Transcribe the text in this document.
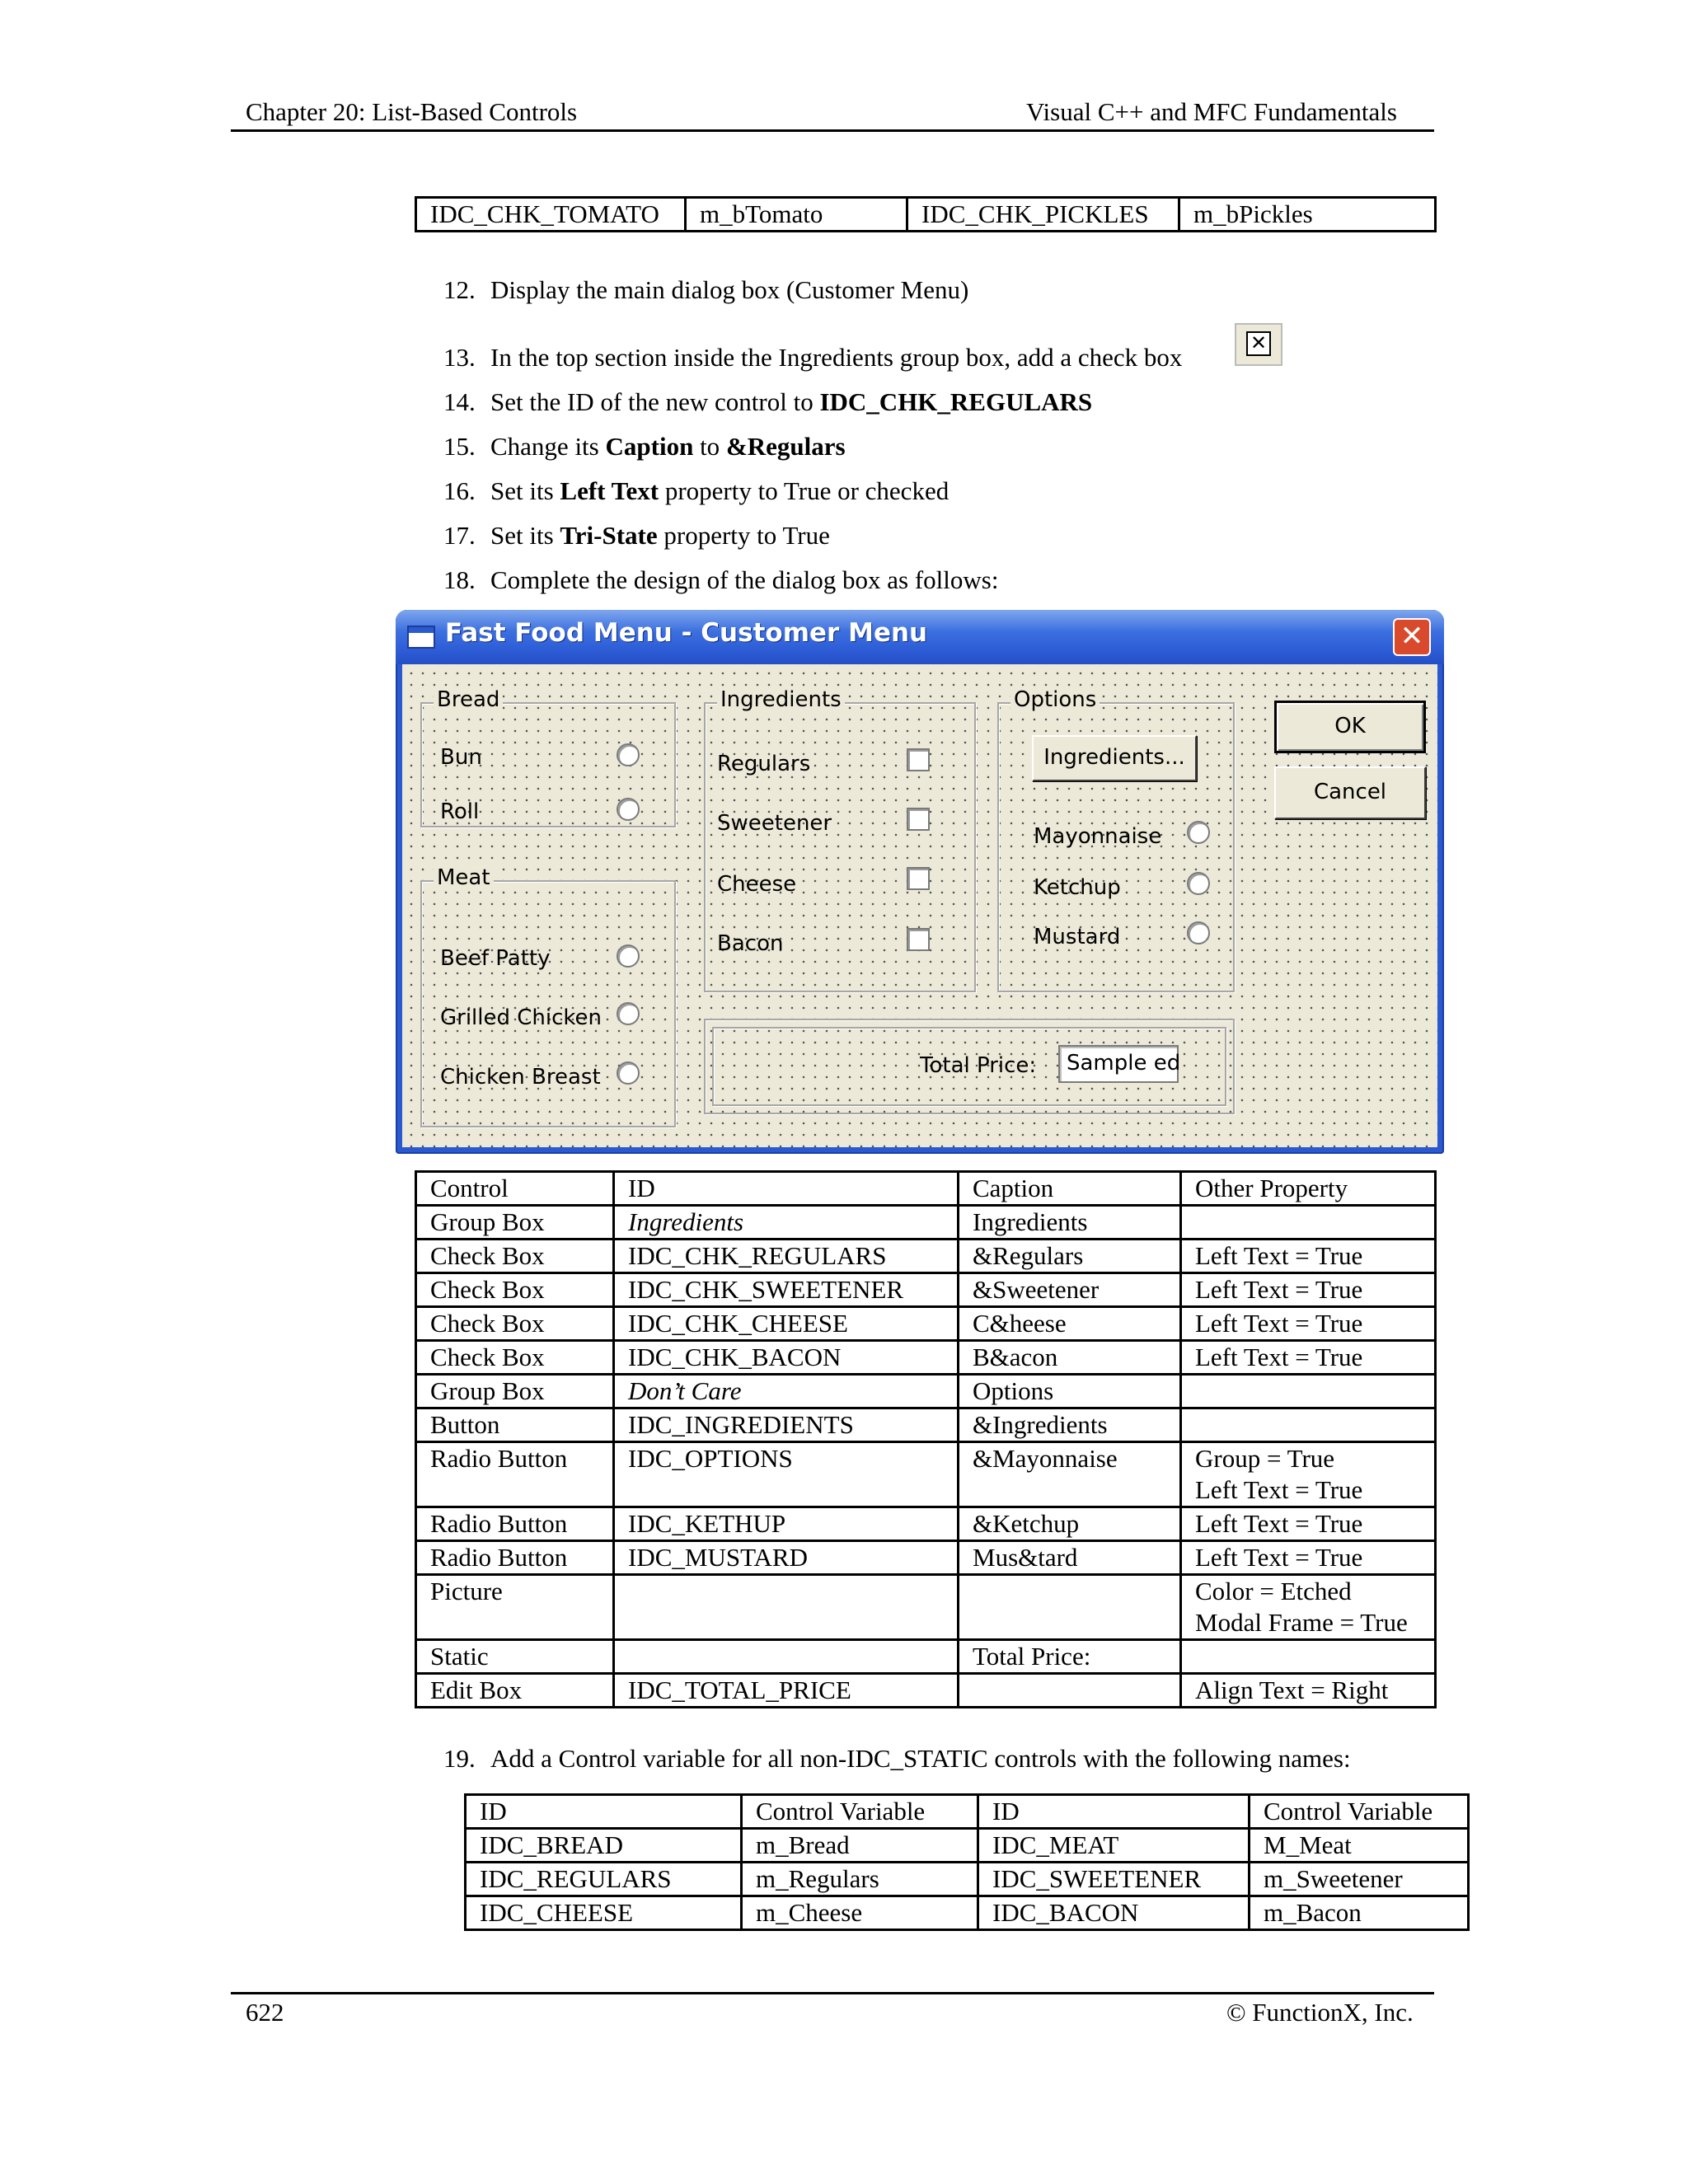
Chapter 20: List-Based Controls	Visual C++ and MFC Fundamentals
IDC_CHK_TOMATO	m_bTomato	IDC_CHK_PICKLES	m_bPickles
12. Display the main dialog box (Customer Menu)
13. In the top section inside the Ingredients group box, add a check box	✕
14. Set the ID of the new control to IDC_CHK_REGULARS
15. Change its Caption to &Regulars
16. Set its Left Text property to True or checked
17. Set its Tri-State property to True
18. Complete the design of the dialog box as follows:
Fast Food Menu - Customer Menu	✕
Bread
Bun
Roll
Meat
Beef Patty
Grilled Chicken
Chicken Breast
Ingredients
Regulars
Sweetener
Cheese
Bacon
Options
Ingredients...
Mayonnaise
Ketchup
Mustard
OK
Cancel
Total Price:	Sample ed
Control	ID	Caption	Other Property
Group Box	Ingredients	Ingredients	
Check Box	IDC_CHK_REGULARS	&Regulars	Left Text = True
Check Box	IDC_CHK_SWEETENER	&Sweetener	Left Text = True
Check Box	IDC_CHK_CHEESE	C&heese	Left Text = True
Check Box	IDC_CHK_BACON	B&acon	Left Text = True
Group Box	Don’t Care	Options	
Button	IDC_INGREDIENTS	&Ingredients	
Radio Button	IDC_OPTIONS	&Mayonnaise	Group = True
Left Text = True

Radio Button	IDC_KETHUP	&Ketchup	Left Text = True
Radio Button	IDC_MUSTARD	Mus&tard	Left Text = True
Picture			Color = Etched
Modal Frame = True

Static		Total Price:	
Edit Box	IDC_TOTAL_PRICE		Align Text = Right
19. Add a Control variable for all non-IDC_STATIC controls with the following names:
ID	Control Variable	ID	Control Variable
IDC_BREAD	m_Bread	IDC_MEAT	M_Meat
IDC_REGULARS	m_Regulars	IDC_SWEETENER	m_Sweetener
IDC_CHEESE	m_Cheese	IDC_BACON	m_Bacon
622	© FunctionX, Inc.
